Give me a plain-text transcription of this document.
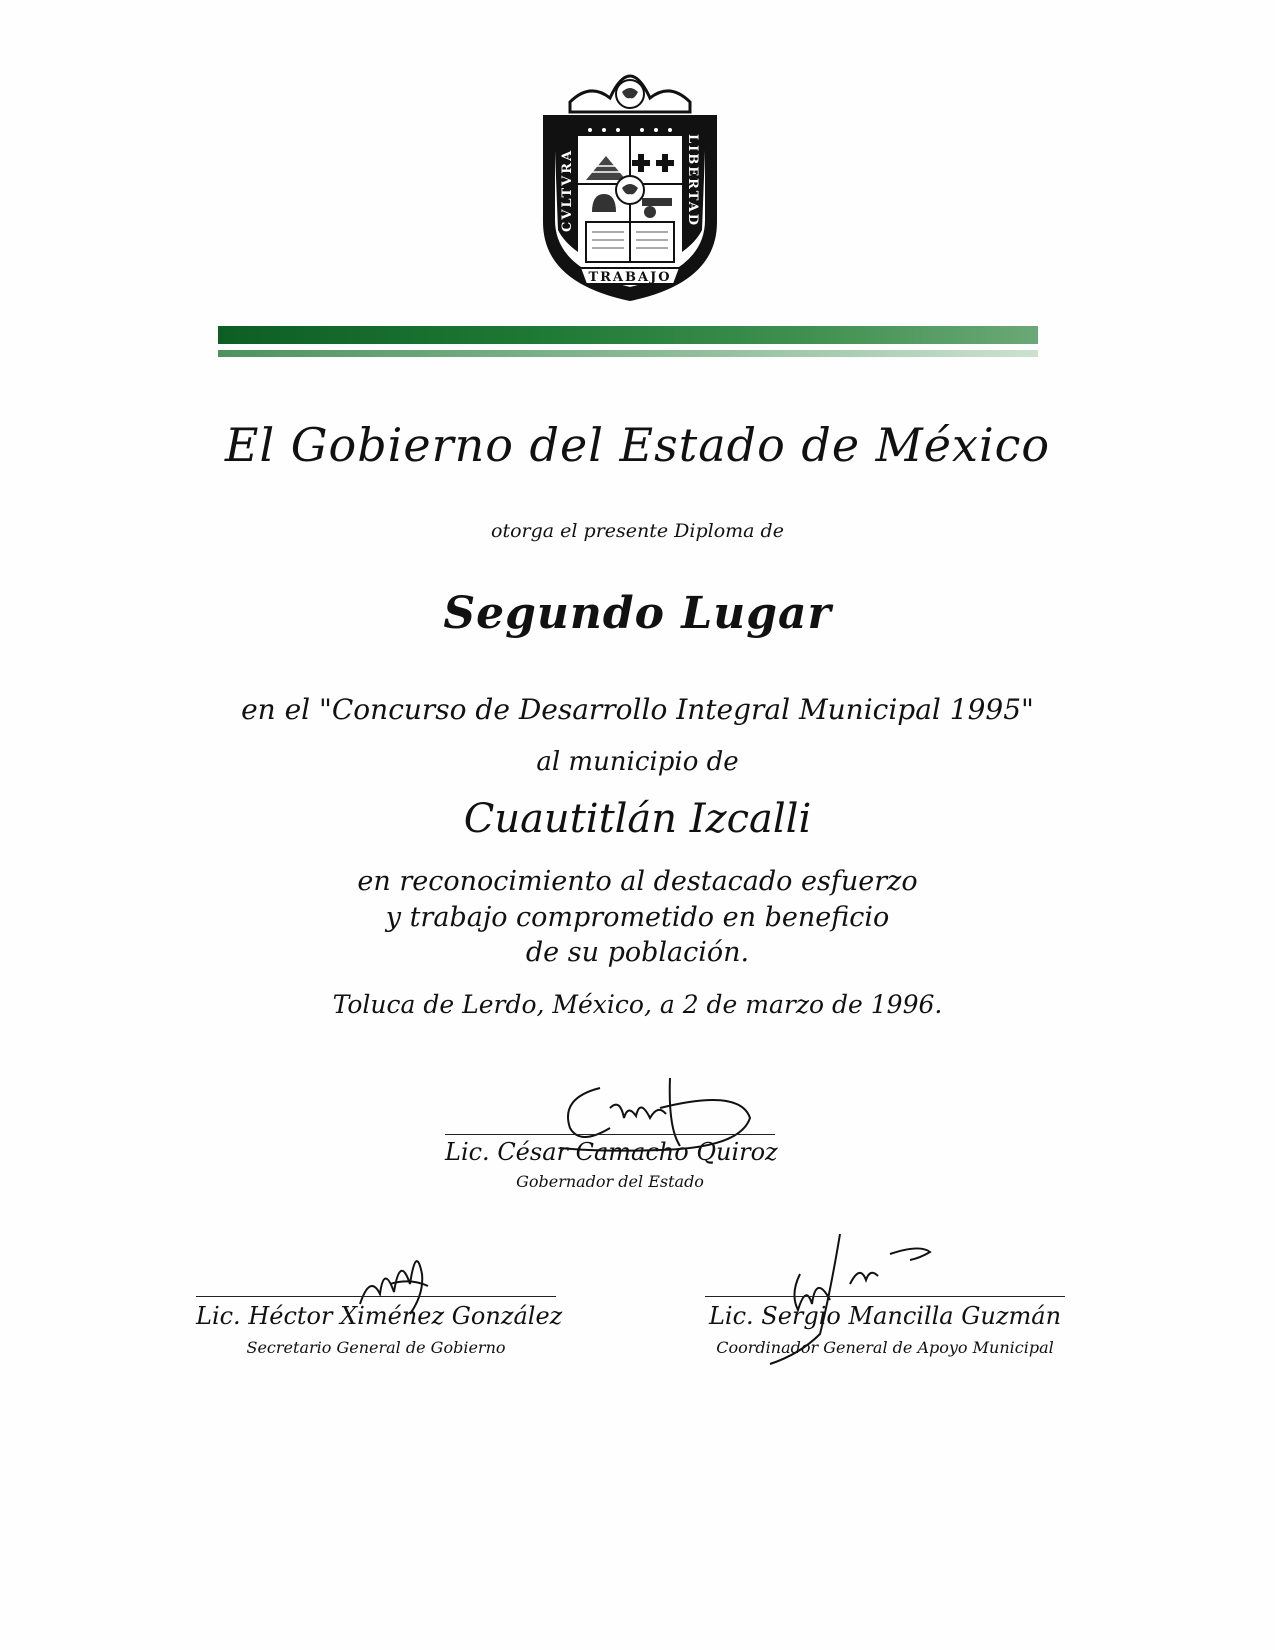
CVLTVRA	LIBERTAD
TRABAJO
El Gobierno del Estado de México
otorga el presente Diploma de
Segundo Lugar
en el "Concurso de Desarrollo Integral Municipal 1995"
al municipio de
Cuautitlán Izcalli
en reconocimiento al destacado esfuerzo
y trabajo comprometido en beneficio
de su población.
Toluca de Lerdo, México, a 2 de marzo de 1996.
Lic. César Camacho Quiroz
Gobernador del Estado
Lic. Héctor Ximénez González
Secretario General de Gobierno
Lic. Sergio Mancilla Guzmán
Coordinador General de Apoyo Municipal
